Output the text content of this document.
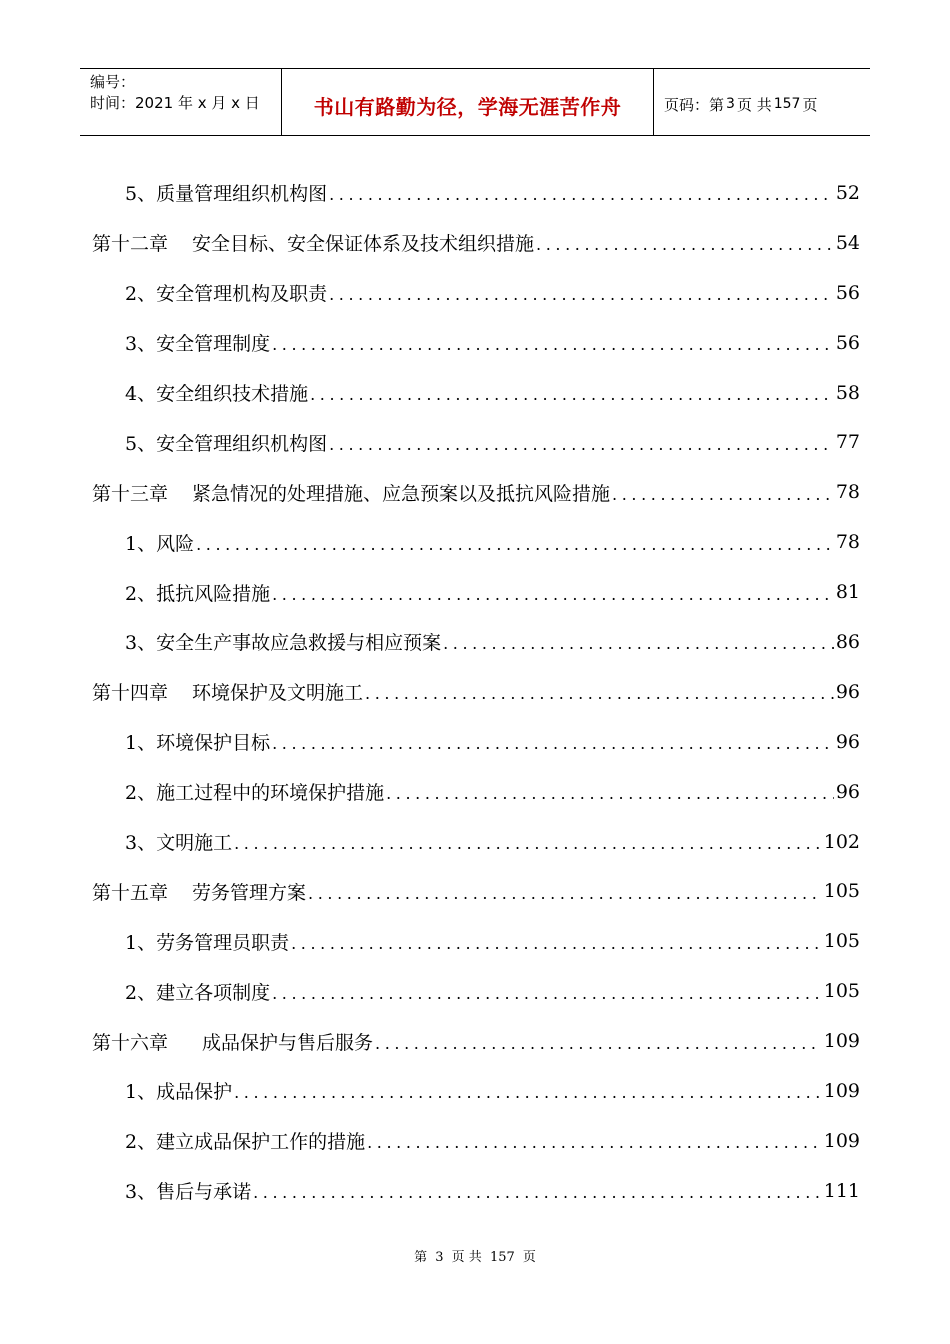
编号：
时间：2021 年 x 月 x 日	书山有路勤为径，学海无涯苦作舟	页码：第 3 页 共 157 页
5、质量管理组织机构图 .....	52
第十二章 安全目标、安全保证体系及技术组织措施 .....	54
2、安全管理机构及职责 .....	56
3、安全管理制度 .....	56
4、安全组织技术措施 .....	58
5、安全管理组织机构图 .....	77
第十三章 紧急情况的处理措施、应急预案以及抵抗风险措施 .....	78
1、风险 .....	78
2、抵抗风险措施 .....	81
3、安全生产事故应急救援与相应预案 .....	86
第十四章 环境保护及文明施工 .....	96
1、环境保护目标 .....	96
2、施工过程中的环境保护措施 .....	96
3、文明施工 .....	102
第十五章 劳务管理方案 .....	105
1、劳务管理员职责 .....	105
2、建立各项制度 .....	105
第十六章 成品保护与售后服务 .....	109
1、成品保护 .....	109
2、建立成品保护工作的措施 .....	109
3、售后与承诺 .....	111
第 3 页 共 157 页
